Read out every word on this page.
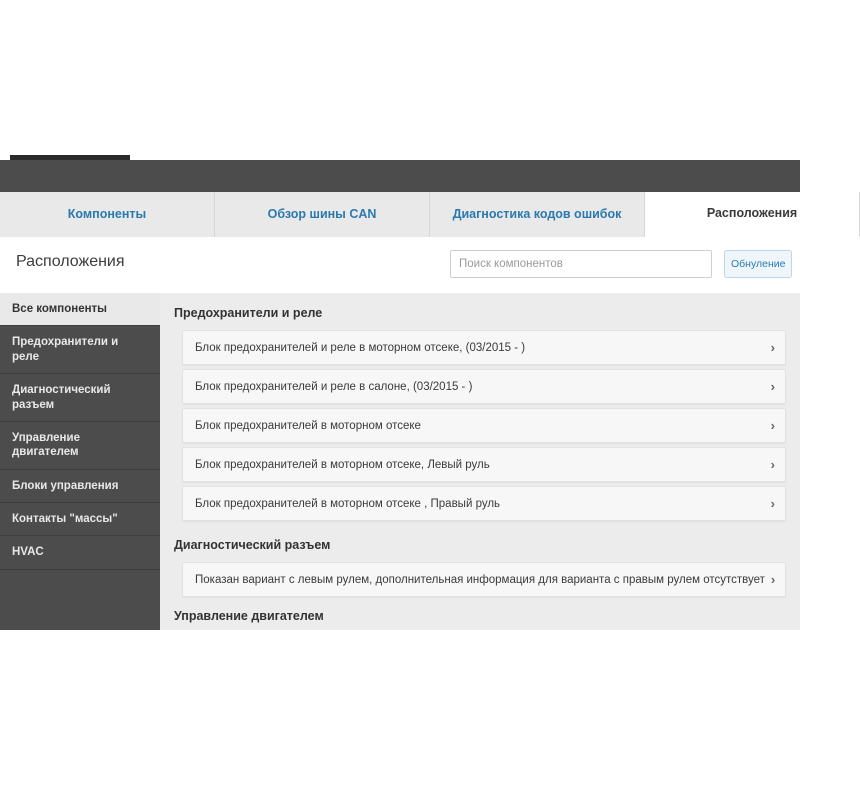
Компоненты	Обзор шины CAN	Диагностика кодов ошибок	Расположения
Расположения
Поиск компонентов	Обнуление
Все компоненты
Предохранители и реле
Диагностический разъем
Управление двигателем
Блоки управления
Контакты "массы"
HVAC
Предохранители и реле
Блок предохранителей и реле в моторном отсеке, (03/2015 - )	›
Блок предохранителей и реле в салоне, (03/2015 - )	›
Блок предохранителей в моторном отсеке	›
Блок предохранителей в моторном отсеке, Левый руль	›
Блок предохранителей в моторном отсеке , Правый руль	›
Диагностический разъем
Показан вариант с левым рулем, дополнительная информация для варианта с правым рулем отсутствует ›
Управление двигателем
